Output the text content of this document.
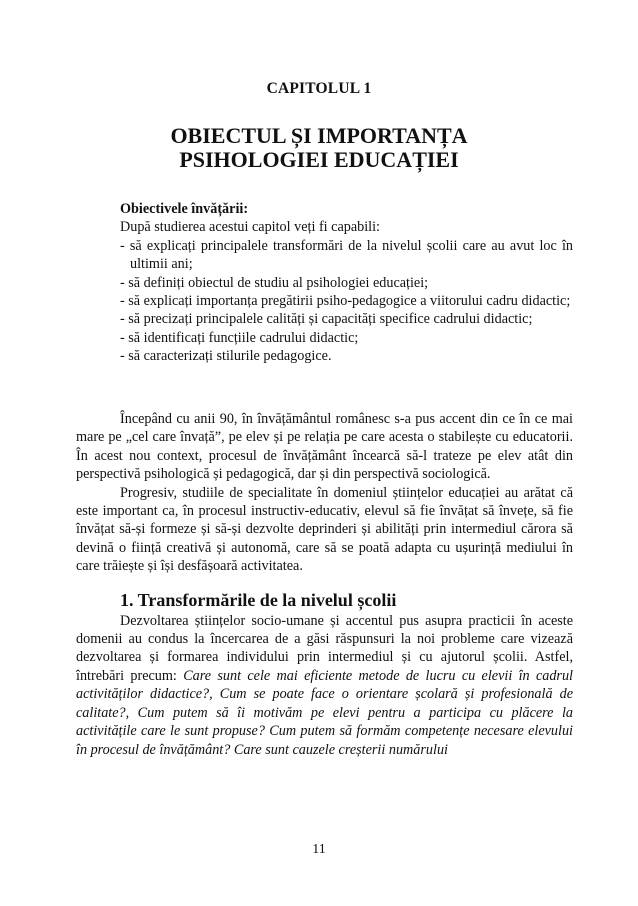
CAPITOLUL 1
OBIECTUL ȘI IMPORTANȚA
PSIHOLOGIEI EDUCAȚIEI
Obiectivele învățării:
După studierea acestui capitol veți fi capabili:
- să explicați principalele transformări de la nivelul școlii care au avut loc în ultimii ani;
- să definiți obiectul de studiu al psihologiei educației;
- să explicați importanța pregătirii psiho-pedagogice a viitorului cadru didactic;
- să precizați principalele calități și capacități specifice cadrului didactic;
- să identificați funcțiile cadrului didactic;
- să caracterizați stilurile pedagogice.

Începând cu anii 90, în învățământul românesc s-a pus accent din ce în ce mai mare pe „cel care învață”, pe elev și pe relația pe care acesta o stabilește cu educatorii. În acest nou context, procesul de învățământ încearcă să-l trateze pe elev atât din perspectivă psihologică și pedagogică, dar și din perspectivă sociologică.

Progresiv, studiile de specialitate în domeniul științelor educației au arătat că este important ca, în procesul instructiv-educativ, elevul să fie învățat să învețe, să fie învățat să-și formeze și să-și dezvolte deprinderi și abilități prin intermediul cărora să devină o ființă creativă și autonomă, care să se poată adapta cu ușurință mediului în care trăiește și își desfășoară activitatea.

1. Transformările de la nivelul școlii

Dezvoltarea științelor socio-umane și accentul pus asupra practicii în aceste domenii au condus la încercarea de a găsi răspunsuri la noi probleme care vizează dezvoltarea și formarea individului prin intermediul și cu ajutorul școlii. Astfel, întrebări precum: Care sunt cele mai eficiente metode de lucru cu elevii în cadrul activităților didactice?, Cum se poate face o orientare școlară și profesională de calitate?, Cum putem să îi motivăm pe elevi pentru a participa cu plăcere la activitățile care le sunt propuse? Cum putem să formăm competențe necesare elevului în procesul de învățământ? Care sunt cauzele creșterii numărului

11
